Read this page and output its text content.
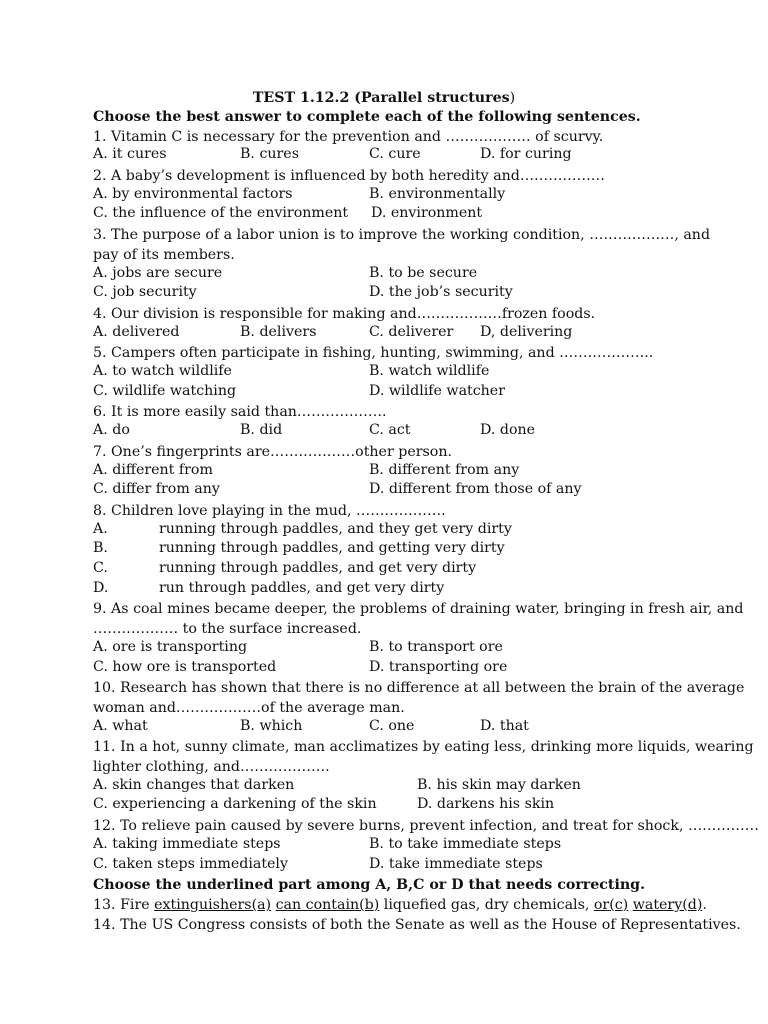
TEST 1.12.2 (Parallel structures)
Choose the best answer to complete each of the following sentences.
1. Vitamin C is necessary for the prevention and ……………… of scurvy.
A. it cures	B. cures	C. cure	D. for curing
2. A baby’s development is influenced by both heredity and………………
A. by environmental factors	B. environmentally
C. the influence of the environment D. environment
3. The purpose of a labor union is to improve the working condition, ………………, and
pay of its members.
A. jobs are secure	B. to be secure
C. job security	D. the job’s security
4. Our division is responsible for making and………………frozen foods.
A. delivered	B. delivers	C. deliverer D, delivering
5. Campers often participate in fishing, hunting, swimming, and ………………..
A. to watch wildlife	B. watch wildlife
C. wildlife watching	D. wildlife watcher
6. It is more easily said than……………….
A. do	B. did	C. act	D. done
7. One’s fingerprints are………………other person.
A. different from	B. different from any
C. differ from any	D. different from those of any
8. Children love playing in the mud, ……………….
A.	running through paddles, and they get very dirty
B.	running through paddles, and getting very dirty
C.	running through paddles, and get very dirty
D.	run through paddles, and get very dirty
9. As coal mines became deeper, the problems of draining water, bringing in fresh air, and
……………… to the surface increased.
A. ore is transporting	B. to transport ore
C. how ore is transported	D. transporting ore
10. Research has shown that there is no difference at all between the brain of the average
woman and………………of the average man.
A. what	B. which	C. one	D. that
11. In a hot, sunny climate, man acclimatizes by eating less, drinking more liquids, wearing
lighter clothing, and……………….
A. skin changes that darken	B. his skin may darken
C. experiencing a darkening of the skin	D. darkens his skin
12. To relieve pain caused by severe burns, prevent infection, and treat for shock, ……………
A. taking immediate steps	B. to take immediate steps
C. taken steps immediately	D. take immediate steps
Choose the underlined part among A, B,C or D that needs correcting.
13. Fire extinguishers(a) can contain(b) liquefied gas, dry chemicals, or(c) watery(d).
14. The US Congress consists of both the Senate as well as the House of Representatives.
